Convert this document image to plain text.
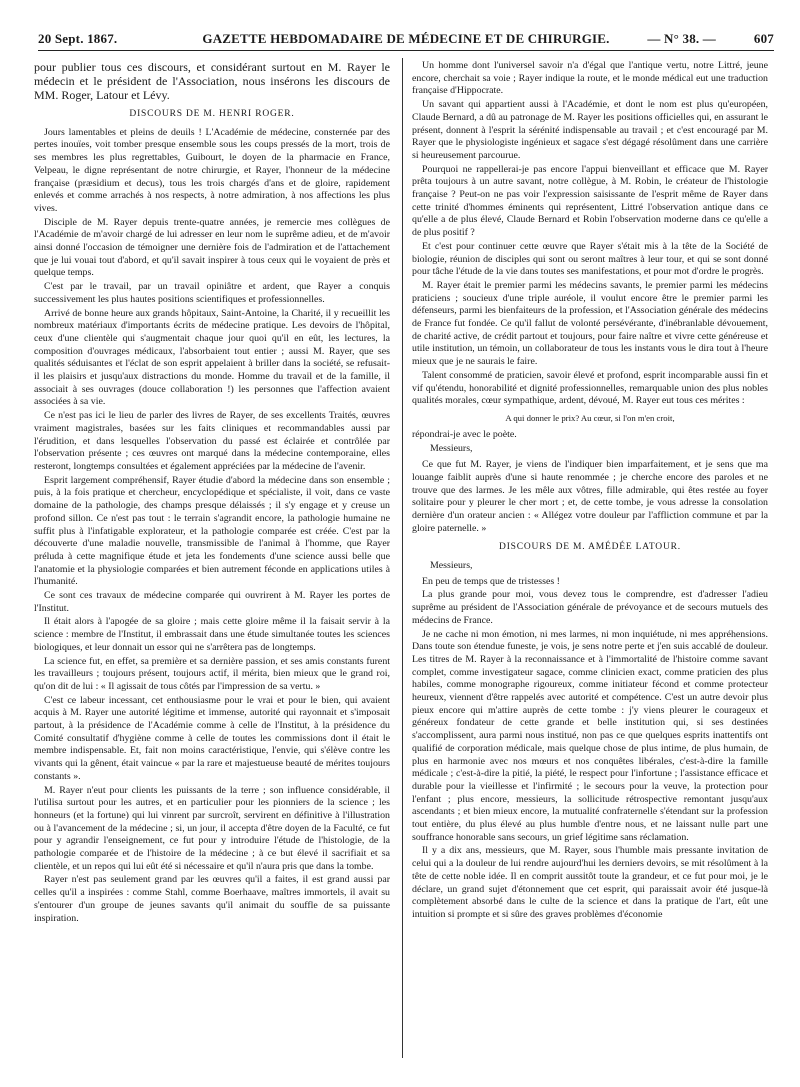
20 Sept. 1867.	GAZETTE HEBDOMADAIRE DE MÉDECINE ET DE CHIRURGIE.	— N° 38. —	607

pour publier tous ces discours, et considérant surtout en M. Rayer le médecin et le président de l'Association, nous insérons les discours de MM. Roger, Latour et Lévy.

DISCOURS DE M. HENRI ROGER.

Jours lamentables et pleins de deuils ! L'Académie de médecine, consternée par des pertes inouïes, voit tomber presque ensemble sous les coups pressés de la mort, trois de ses membres les plus regrettables, Guibourt, le doyen de la pharmacie en France, Velpeau, le digne représentant de notre chirurgie, et Rayer, l'honneur de la médecine française (præsidium et decus), tous les trois chargés d'ans et de gloire, rapidement enlevés et comme arrachés à nos respects, à notre admiration, à nos affections les plus vives.

Disciple de M. Rayer depuis trente-quatre années, je remercie mes collègues de l'Académie de m'avoir chargé de lui adresser en leur nom le suprême adieu, et de m'avoir ainsi donné l'occasion de témoigner une dernière fois de l'admiration et de l'attachement que je lui vouai tout d'abord, et qu'il savait inspirer à tous ceux qui le voyaient de près et quelque temps.

C'est par le travail, par un travail opiniâtre et ardent, que Rayer a conquis successivement les plus hautes positions scientifiques et professionnelles.

Arrivé de bonne heure aux grands hôpitaux, Saint-Antoine, la Charité, il y recueillit les nombreux matériaux d'importants écrits de médecine pratique. Les devoirs de l'hôpital, ceux d'une clientèle qui s'augmentait chaque jour quoi qu'il en eût, les lectures, la composition d'ouvrages médicaux, l'absorbaient tout entier ; aussi M. Rayer, que ses qualités séduisantes et l'éclat de son esprit appelaient à briller dans la société, se refusait-il les plaisirs et jusqu'aux distractions du monde. Homme du travail et de la famille, il associait à ses ouvrages (douce collaboration !) les personnes que l'affection avaient associées à sa vie.

Ce n'est pas ici le lieu de parler des livres de Rayer, de ses excellents Traités, œuvres vraiment magistrales, basées sur les faits cliniques et recommandables aussi par l'érudition, et dans lesquelles l'observation du passé est éclairée et contrôlée par l'observation présente ; ces œuvres ont marqué dans la médecine contemporaine, elles resteront, longtemps consultées et également appréciées par la médecine de l'avenir.

Esprit largement compréhensif, Rayer étudie d'abord la médecine dans son ensemble ; puis, à la fois pratique et chercheur, encyclopédique et spécialiste, il voit, dans ce vaste domaine de la pathologie, des champs presque délaissés ; il s'y engage et y creuse un profond sillon. Ce n'est pas tout : le terrain s'agrandit encore, la pathologie humaine ne suffit plus à l'infatigable explorateur, et la pathologie comparée est créée. C'est par la découverte d'une maladie nouvelle, transmissible de l'animal à l'homme, que Rayer préluda à cette magnifique étude et jeta les fondements d'une science aussi belle que l'anatomie et la physiologie comparées et bien autrement féconde en applications utiles à l'humanité.

Ce sont ces travaux de médecine comparée qui ouvrirent à M. Rayer les portes de l'Institut.

Il était alors à l'apogée de sa gloire ; mais cette gloire même il la faisait servir à la science : membre de l'Institut, il embrassait dans une étude simultanée toutes les sciences biologiques, et leur donnait un essor qui ne s'arrêtera pas de longtemps.

La science fut, en effet, sa première et sa dernière passion, et ses amis constants furent les travailleurs ; toujours présent, toujours actif, il mérita, bien mieux que le grand roi, qu'on dit de lui : « Il agissait de tous côtés par l'impression de sa vertu. »

C'est ce labeur incessant, cet enthousiasme pour le vrai et pour le bien, qui avaient acquis à M. Rayer une autorité légitime et immense, autorité qui rayonnait et s'imposait partout, à la présidence de l'Académie comme à celle de l'Institut, à la présidence du Comité consultatif d'hygiène comme à celle de toutes les commissions dont il était le membre indispensable. Et, fait non moins caractéristique, l'envie, qui s'élève contre les vivants qui la gênent, était vaincue « par la rare et majestueuse beauté de mérites toujours constants ».

M. Rayer n'eut pour clients les puissants de la terre ; son influence considérable, il l'utilisa surtout pour les autres, et en particulier pour les pionniers de la science ; les honneurs (et la fortune) qui lui vinrent par surcroît, servirent en définitive à l'illustration ou à l'avancement de la médecine ; si, un jour, il accepta d'être doyen de la Faculté, ce fut pour y agrandir l'enseignement, ce fut pour y introduire l'étude de l'histologie, de la pathologie comparée et de l'histoire de la médecine ; à ce but élevé il sacrifiait et sa clientèle, et un repos qui lui eût été si nécessaire et qu'il n'aura pris que dans la tombe.

Rayer n'est pas seulement grand par les œuvres qu'il a faites, il est grand aussi par celles qu'il a inspirées : comme Stahl, comme Boerhaave, maîtres immortels, il avait su s'entourer d'un groupe de jeunes savants qu'il animait du souffle de sa puissante inspiration.

Un homme dont l'universel savoir n'a d'égal que l'antique vertu, notre Littré, jeune encore, cherchait sa voie ; Rayer indique la route, et le monde médical eut une traduction française d'Hippocrate.

Un savant qui appartient aussi à l'Académie, et dont le nom est plus qu'européen, Claude Bernard, a dû au patronage de M. Rayer les positions officielles qui, en assurant le présent, donnent à l'esprit la sérénité indispensable au travail ; et c'est encouragé par M. Rayer que le physiologiste ingénieux et sagace s'est dégagé résolûment dans une carrière si heureusement parcourue.

Pourquoi ne rappellerai-je pas encore l'appui bienveillant et efficace que M. Rayer prêta toujours à un autre savant, notre collègue, à M. Robin, le créateur de l'histologie française ? Peut-on ne pas voir l'expression saisissante de l'esprit même de Rayer dans cette trinité d'hommes éminents qui représentent, Littré l'observation antique dans ce qu'elle a de plus élevé, Claude Bernard et Robin l'observation moderne dans ce qu'elle a de plus positif ?

Et c'est pour continuer cette œuvre que Rayer s'était mis à la tête de la Société de biologie, réunion de disciples qui sont ou seront maîtres à leur tour, et qui se sont donné pour tâche l'étude de la vie dans toutes ses manifestations, et pour mot d'ordre le progrès.

M. Rayer était le premier parmi les médecins savants, le premier parmi les médecins praticiens ; soucieux d'une triple auréole, il voulut encore être le premier parmi les défenseurs, parmi les bienfaiteurs de la profession, et l'Association générale des médecins de France fut fondée. Ce qu'il fallut de volonté persévérante, d'inébranlable dévouement, de charité active, de crédit partout et toujours, pour faire naître et vivre cette généreuse et utile institution, un témoin, un collaborateur de tous les instants vous le dira tout à l'heure mieux que je ne saurais le faire.

Talent consommé de praticien, savoir élevé et profond, esprit incomparable aussi fin et vif qu'étendu, honorabilité et dignité professionnelles, remarquable union des plus nobles qualités morales, cœur sympathique, ardent, dévoué, M. Rayer eut tous ces mérites :

A qui donner le prix? Au cœur, si l'on m'en croit,

répondrai-je avec le poète.

Messieurs,

Ce que fut M. Rayer, je viens de l'indiquer bien imparfaitement, et je sens que ma louange faiblit auprès d'une si haute renommée ; je cherche encore des paroles et ne trouve que des larmes. Je les mêle aux vôtres, fille admirable, qui êtes restée au foyer solitaire pour y pleurer le cher mort ; et, de cette tombe, je vous adresse la consolation dernière d'un orateur ancien : « Allégez votre douleur par l'affliction commune et par la gloire paternelle. »

DISCOURS DE M. AMÉDÉE LATOUR.

Messieurs,

En peu de temps que de tristesses !

La plus grande pour moi, vous devez tous le comprendre, est d'adresser l'adieu suprême au président de l'Association générale de prévoyance et de secours mutuels des médecins de France.

Je ne cache ni mon émotion, ni mes larmes, ni mon inquiétude, ni mes appréhensions. Dans toute son étendue funeste, je vois, je sens notre perte et j'en suis accablé de douleur. Les titres de M. Rayer à la reconnaissance et à l'immortalité de l'histoire comme savant complet, comme investigateur sagace, comme clinicien exact, comme praticien des plus habiles, comme monographe rigoureux, comme initiateur fécond et comme protecteur heureux, viennent d'être rappelés avec autorité et compétence. C'est un autre devoir plus pieux encore qui m'attire auprès de cette tombe : j'y viens pleurer le courageux et généreux fondateur de cette grande et belle institution qui, si ses destinées s'accomplissent, aura parmi nous institué, non pas ce que quelques esprits inattentifs ont qualifié de corporation médicale, mais quelque chose de plus intime, de plus humain, de plus en harmonie avec nos mœurs et nos conquêtes libérales, c'est-à-dire la famille médicale ; c'est-à-dire la pitié, la piété, le respect pour l'infortune ; l'assistance efficace et durable pour la vieillesse et l'infirmité ; le secours pour la veuve, la protection pour l'enfant ; plus encore, messieurs, la sollicitude rétrospective remontant jusqu'aux ascendants ; et bien mieux encore, la mutualité confraternelle s'étendant sur la profession tout entière, du plus élevé au plus humble d'entre nous, et ne laissant nulle part une souffrance honorable sans secours, un grief légitime sans réclamation.

Il y a dix ans, messieurs, que M. Rayer, sous l'humble mais pressante invitation de celui qui a la douleur de lui rendre aujourd'hui les derniers devoirs, se mit résolûment à la tête de cette noble idée. Il en comprit aussitôt toute la grandeur, et ce fut pour moi, je le déclare, un grand sujet d'étonnement que cet esprit, qui paraissait avoir été jusque-là complètement absorbé dans le culte de la science et dans la pratique de l'art, eût une intuition si prompte et si sûre des graves problèmes d'économie
